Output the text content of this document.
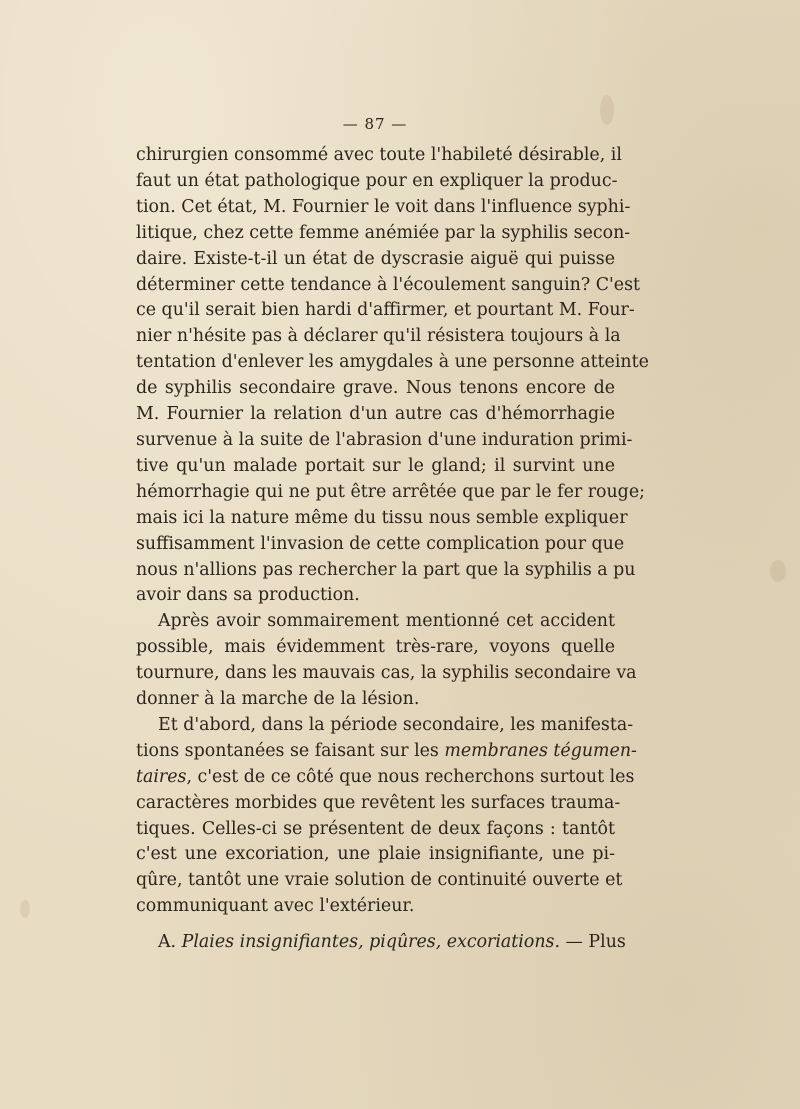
— 87 —

chirurgien consommé avec toute l'habileté désirable, il
faut un état pathologique pour en expliquer la produc-
tion. Cet état, M. Fournier le voit dans l'influence syphi-
litique, chez cette femme anémiée par la syphilis secon-
daire. Existe-t-il un état de dyscrasie aiguë qui puisse
déterminer cette tendance à l'écoulement sanguin? C'est
ce qu'il serait bien hardi d'affirmer, et pourtant M. Four-
nier n'hésite pas à déclarer qu'il résistera toujours à la
tentation d'enlever les amygdales à une personne atteinte
de syphilis secondaire grave. Nous tenons encore de
M. Fournier la relation d'un autre cas d'hémorrhagie
survenue à la suite de l'abrasion d'une induration primi-
tive qu'un malade portait sur le gland; il survint une
hémorrhagie qui ne put être arrêtée que par le fer rouge;
mais ici la nature même du tissu nous semble expliquer
suffisamment l'invasion de cette complication pour que
nous n'allions pas rechercher la part que la syphilis a pu
avoir dans sa production.

Après avoir sommairement mentionné cet accident
possible, mais évidemment très-rare, voyons quelle
tournure, dans les mauvais cas, la syphilis secondaire va
donner à la marche de la lésion.

Et d'abord, dans la période secondaire, les manifesta-
tions spontanées se faisant sur les membranes tégumen-
taires, c'est de ce côté que nous recherchons surtout les
caractères morbides que revêtent les surfaces trauma-
tiques. Celles-ci se présentent de deux façons : tantôt
c'est une excoriation, une plaie insignifiante, une pi-
qûre, tantôt une vraie solution de continuité ouverte et
communiquant avec l'extérieur.

A. Plaies insignifiantes, piqûres, excoriations. — Plus
